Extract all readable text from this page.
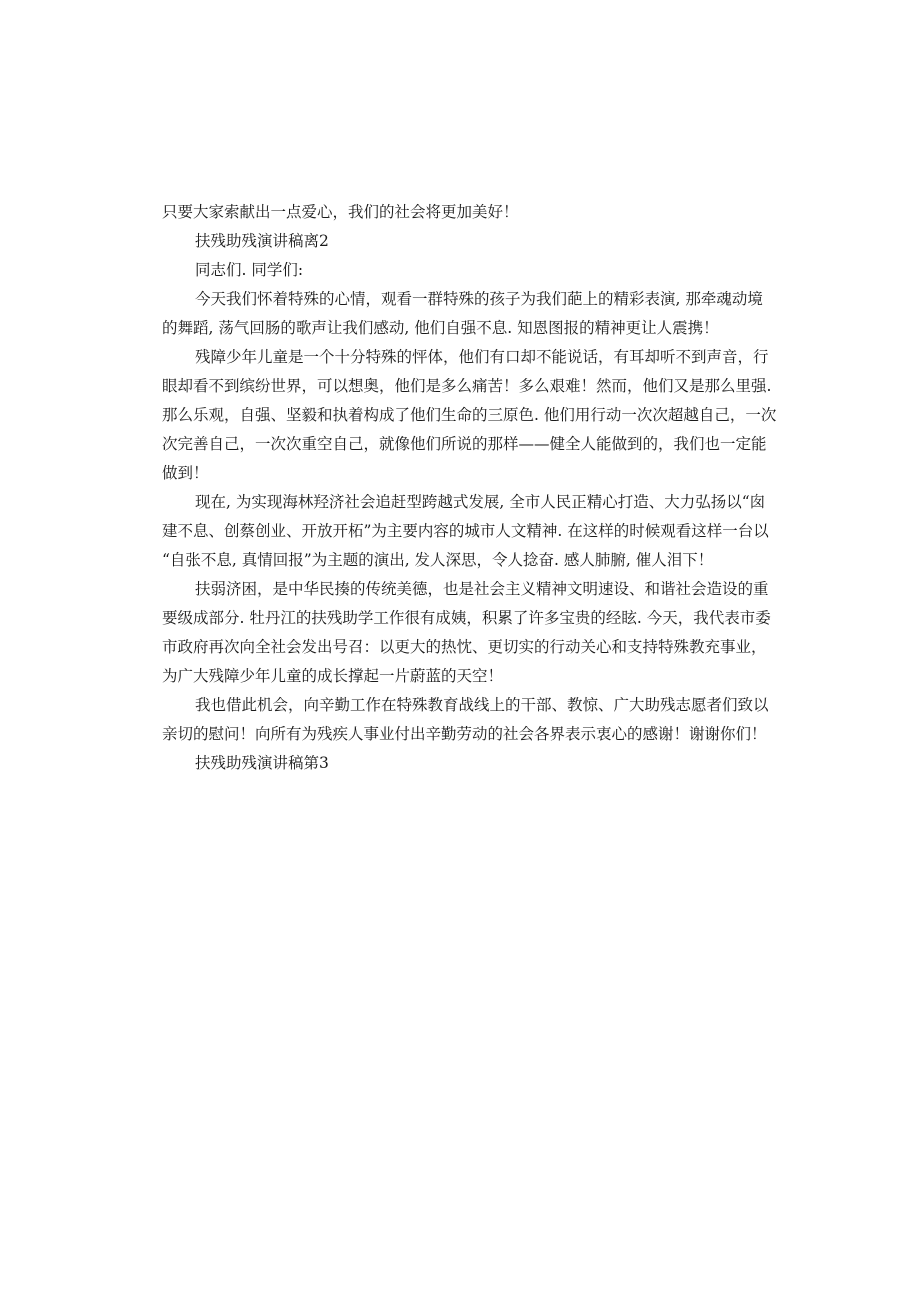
只要大家索献出一点爱心，我们的社会将更加美好！
扶残助残演讲稿离2
同志们. 同学们:
今天我们怀着特殊的心情，观看一群特殊的孩子为我们葩上的精彩表演, 那牵魂动境
的舞蹈, 荡气回肠的歌声让我们感动, 他们自强不息. 知恩图报的精神更让人震携！
残障少年儿童是一个十分特殊的怦体，他们有口却不能说话，有耳却听不到声音，行
眼却看不到缤纷世界，可以想奥，他们是多么痛苦！多么艰难！然而，他们又是那么里强.
那么乐观，自强、坚毅和执着构成了他们生命的三原色. 他们用行动一次次超越自己，一次
次完善自己，一次次重空自己，就像他们所说的那样——健全人能做到的，我们也一定能
做到！
现在, 为实现海林羟济社会追赶型跨越式发展, 全市人民正精心打造、大力弘扬以“囱
建不息、创蔡创业、开放开柘”为主要内容的城市人文精神. 在这样的时候观看这样一台以
“自张不息, 真情回报”为主题的演出, 发人深思，令人捻奋. 感人肺腑, 催人泪下！
扶弱济困，是中华民揍的传统美德，也是社会主义精神文明速设、和谐社会造设的重
要级成部分. 牡丹江的扶残助学工作很有成姨，积累了许多宝贵的经眩. 今天，我代表市委
市政府再次向全社会发出号召：以更大的热忱、更切实的行动关心和支持特殊教充事业，
为广大残障少年儿童的成长撑起一片蔚蓝的天空！
我也借此机会，向辛勤工作在特殊教育战线上的干部、教惊、广大助残志愿者们致以
亲切的慰问！向所有为残疾人事业付出辛勤劳动的社会各界表示衷心的感谢！谢谢你们！
扶残助残演讲稿第3
